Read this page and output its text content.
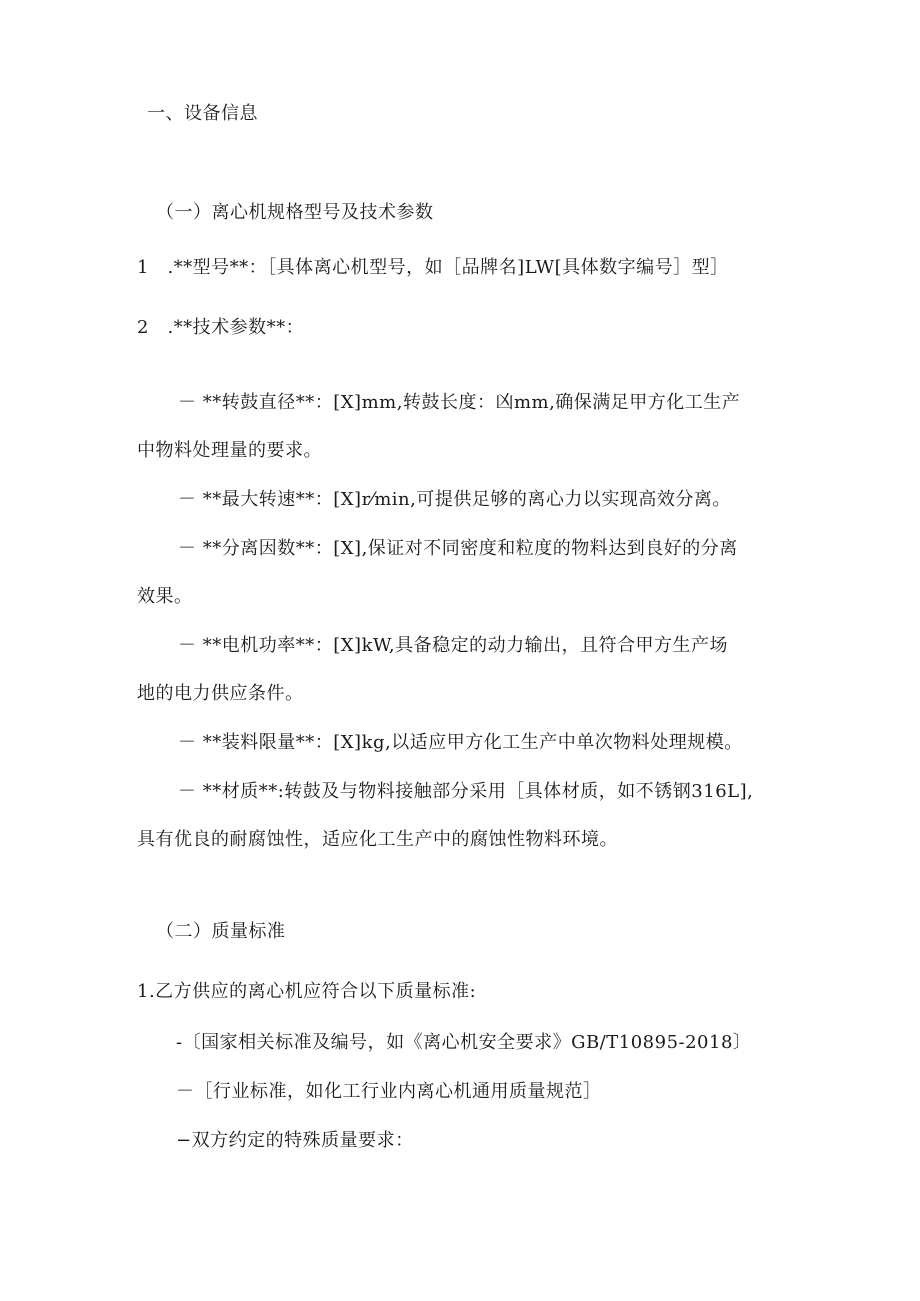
一、设备信息
（一）离心机规格型号及技术参数
1　.**型号**：［具体离心机型号，如［品牌名]LW[具体数字编号］型］
2　.**技术参数**：
－ **转鼓直径**：[X]mm,转鼓长度：凶mm,确保满足甲方化工生产
中物料处理量的要求。
－ **最大转速**：[X]r⁄min,可提供足够的离心力以实现高效分离。
－ **分离因数**：[X],保证对不同密度和粒度的物料达到良好的分离
效果。
－ **电机功率**：[X]kW,具备稳定的动力输出，且符合甲方生产场
地的电力供应条件。
－ **装料限量**：[X]kg,以适应甲方化工生产中单次物料处理规模。
－ **材质**:转鼓及与物料接触部分采用［具体材质，如不锈钢316L],
具有优良的耐腐蚀性，适应化工生产中的腐蚀性物料环境。
（二）质量标准
1.乙方供应的离心机应符合以下质量标准:
-〔国家相关标准及编号，如《离心机安全要求》GB/T10895-2018〕
－［行业标准，如化工行业内离心机通用质量规范］
−双方约定的特殊质量要求：
